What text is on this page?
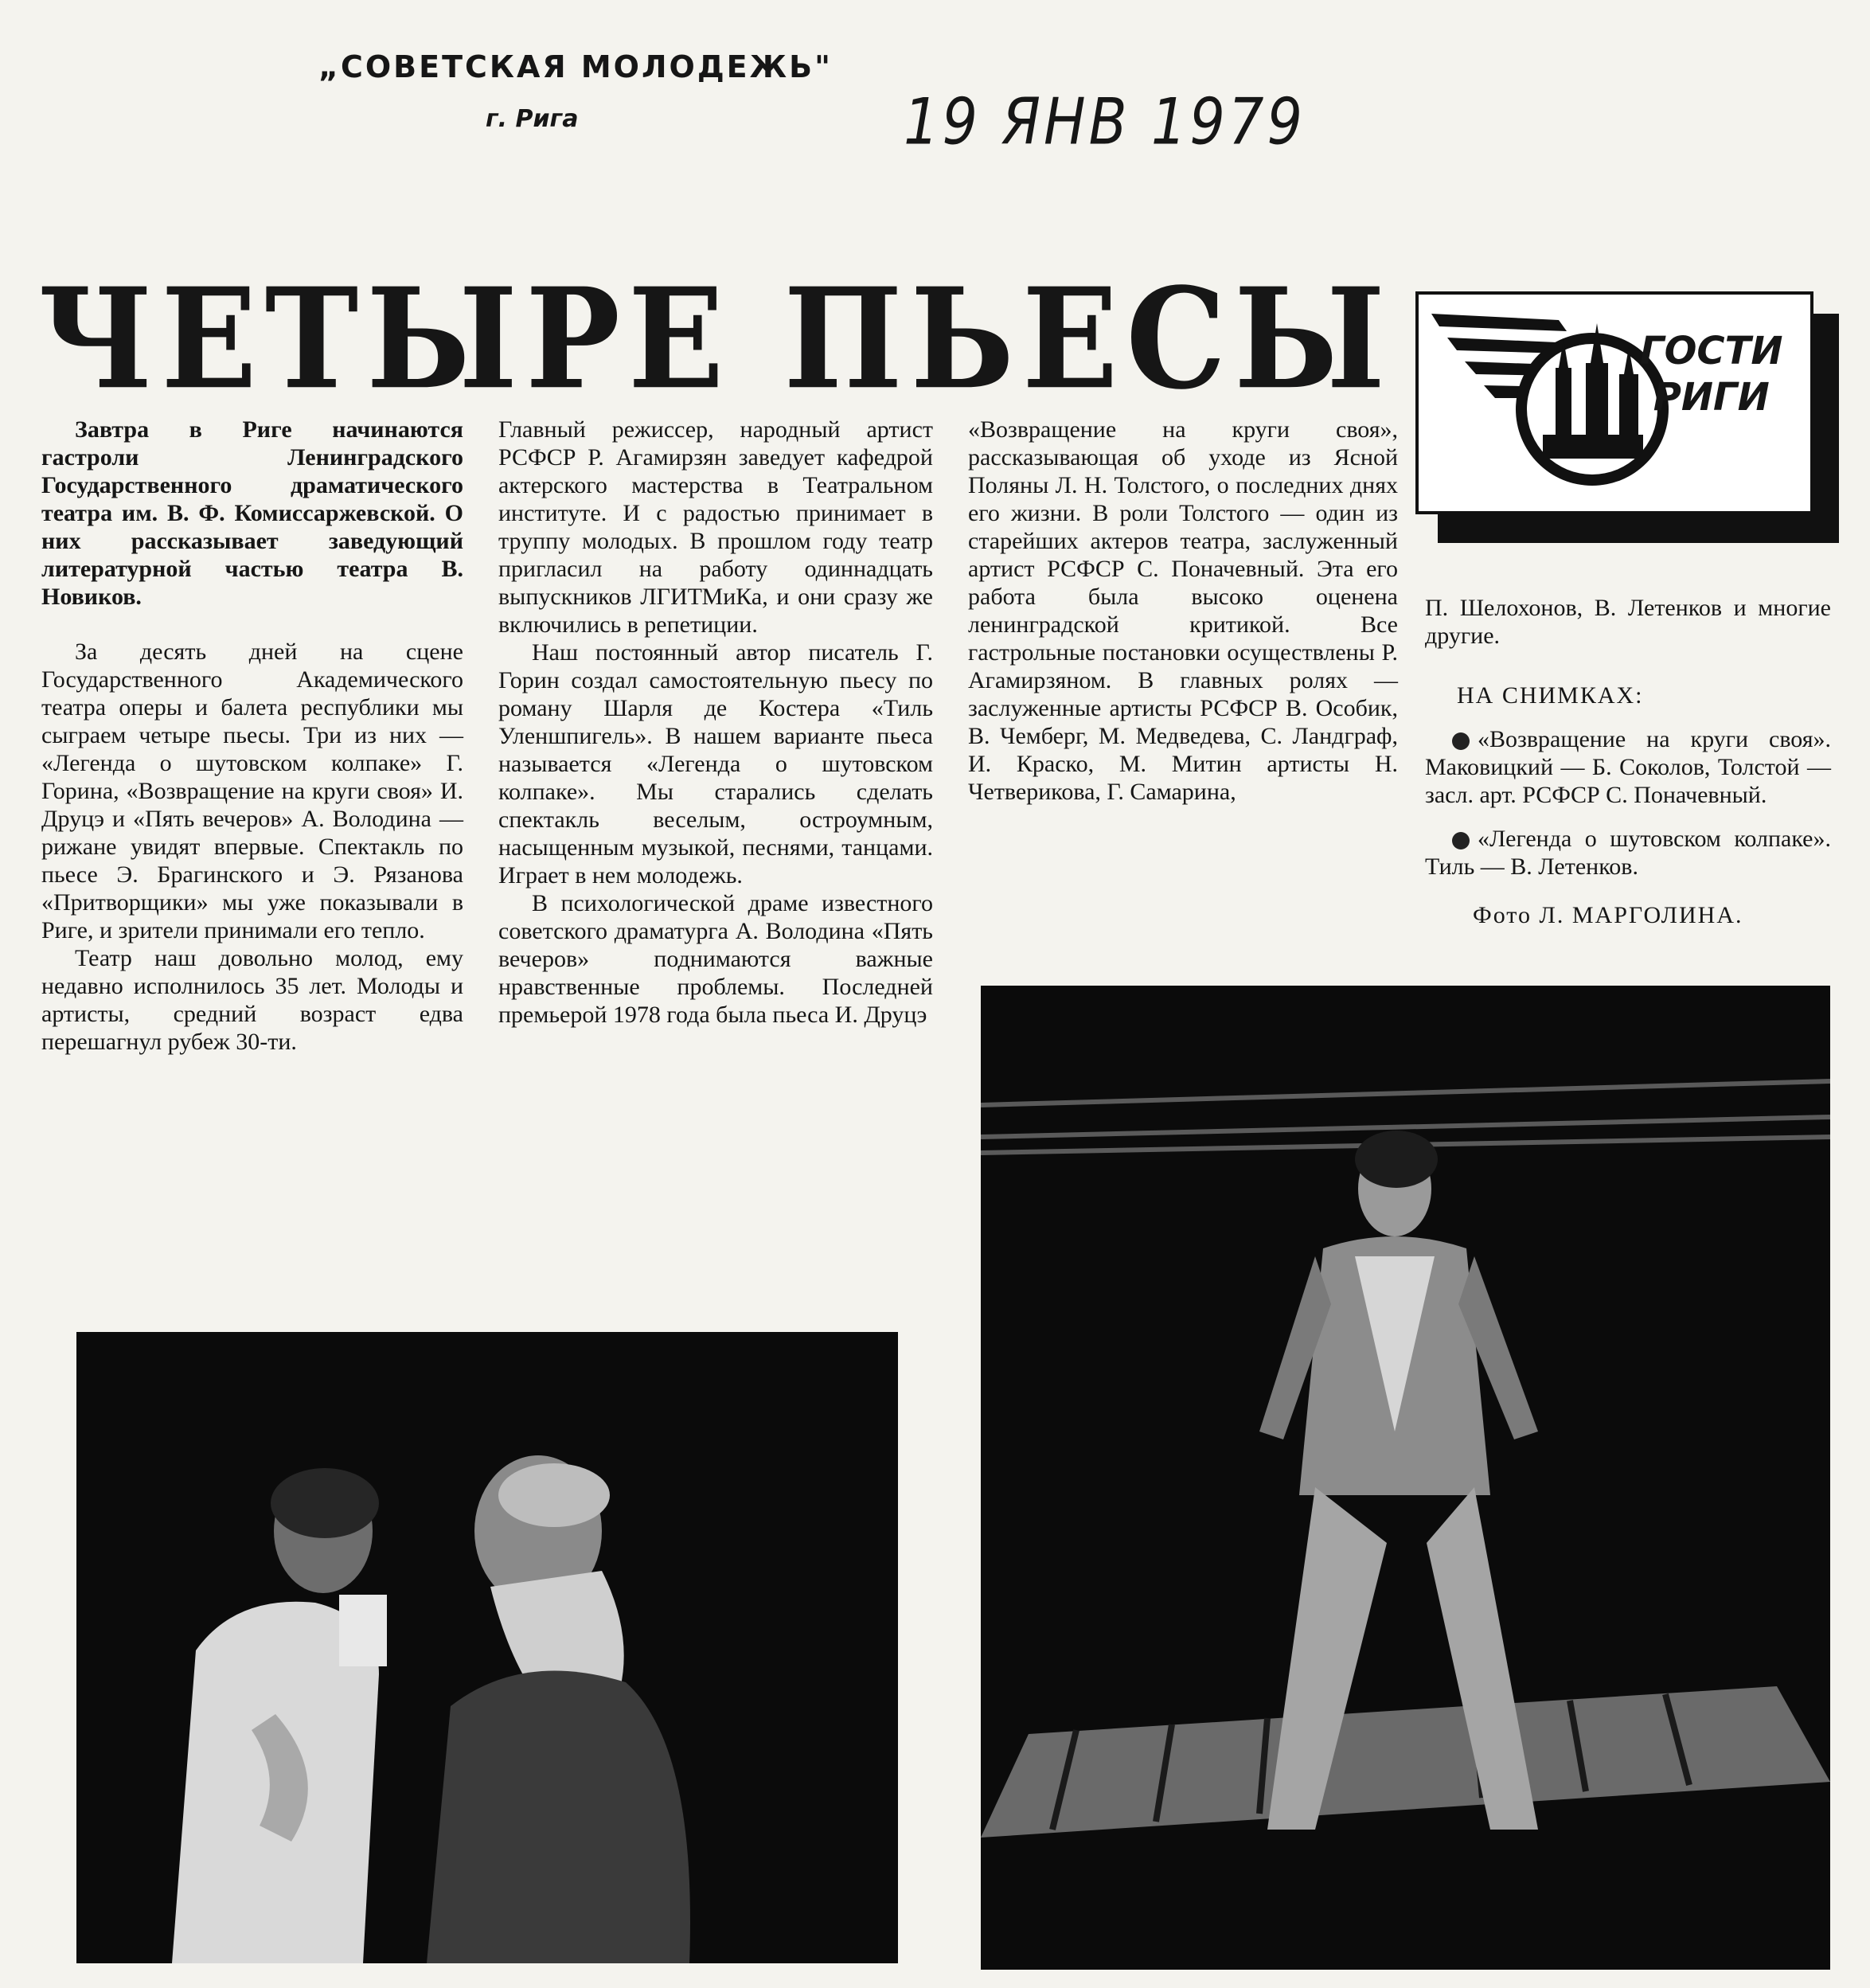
„СОВЕТСКАЯ МОЛОДЕЖЬ"
г. Рига	19 ЯНВ 1979
ЧЕТЫРЕ ПЬЕСЫ	ГОСТИ
РИГИ

Завтра в Риге начинаются гастроли Ленинградского Государственного драматического театра им. В. Ф. Комиссаржевской. О них рассказывает заведующий литературной частью театра В. Новиков.

За десять дней на сцене Государственного Академического театра оперы и балета республики мы сыграем четыре пьесы. Три из них — «Легенда о шутовском колпаке» Г. Горина, «Возвращение на круги своя» И. Друцэ и «Пять вечеров» А. Володина — рижане увидят впервые. Спектакль по пьесе Э. Брагинского и Э. Рязанова «Притворщики» мы уже показывали в Риге, и зрители принимали его тепло.

Театр наш довольно молод, ему недавно исполнилось 35 лет. Молоды и артисты, средний возраст едва перешагнул рубеж 30-ти.

Главный режиссер, народный артист РСФСР Р. Агамирзян заведует кафедрой актерского мастерства в Театральном институте. И с радостью принимает в труппу молодых. В прошлом году театр пригласил на работу одиннадцать выпускников ЛГИТМиКа, и они сразу же включились в репетиции.

Наш постоянный автор писатель Г. Горин создал самостоятельную пьесу по роману Шарля де Костера «Тиль Уленшпигель». В нашем варианте пьеса называется «Легенда о шутовском колпаке». Мы старались сделать спектакль веселым, остроумным, насыщенным музыкой, песнями, танцами. Играет в нем молодежь.

В психологической драме известного советского драматурга А. Володина «Пять вечеров» поднимаются важные нравственные проблемы. Последней премьерой 1978 года была пьеса И. Друцэ

«Возвращение на круги своя», рассказывающая об уходе из Ясной Поляны Л. Н. Толстого, о последних днях его жизни. В роли Толстого — один из старейших актеров театра, заслуженный артист РСФСР С. Поначевный. Эта его работа была высоко оценена ленинградской критикой. Все гастрольные постановки осуществлены Р. Агамирзяном. В главных ролях — заслуженные артисты РСФСР В. Особик, В. Чемберг, М. Медведева, С. Ландграф, И. Краско, М. Митин артисты Н. Четверикова, Г. Самарина,

П. Шелохонов, В. Летенков и многие другие.

НА СНИМКАХ:

«Возвращение на круги своя». Маковицкий — Б. Соколов, Толстой — засл. арт. РСФСР С. Поначевный.

«Легенда о шутовском колпаке». Тиль — В. Летенков.

Фото Л. МАРГОЛИНА.
